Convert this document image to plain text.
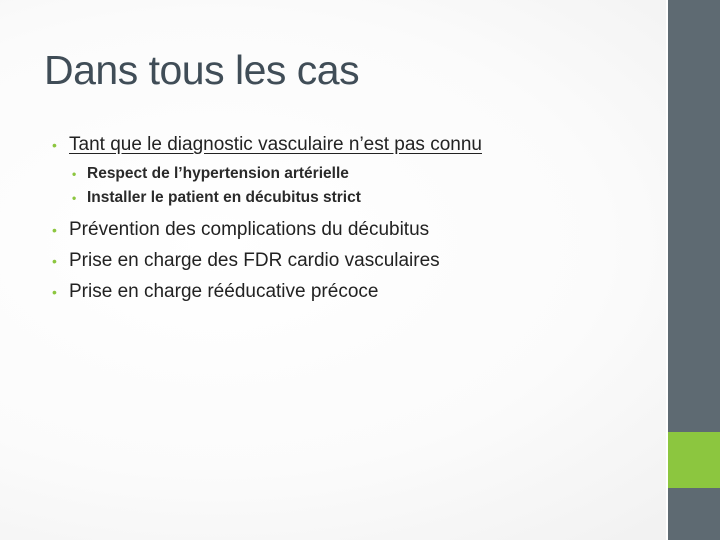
Dans tous les cas
• Tant que le diagnostic vasculaire n’est pas connu
• Respect de l’hypertension artérielle
• Installer le patient en décubitus strict
• Prévention des complications du décubitus
• Prise en charge des FDR cardio vasculaires
• Prise en charge rééducative précoce
